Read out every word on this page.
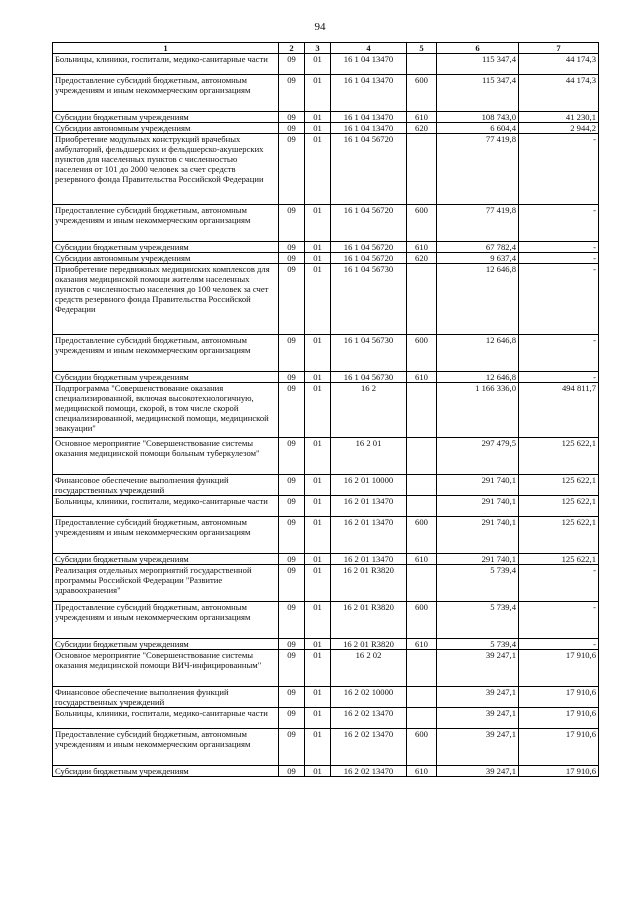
94
1	2	3	4	5	6	7
Больницы, клиники, госпитали, медико-санитарные части	09	01	16 1 04 13470		115 347,4	44 174,3
Предоставление субсидий бюджетным, автономным учреждениям и иным некоммерческим организациям	09	01	16 1 04 13470	600	115 347,4	44 174,3
Субсидии бюджетным учреждениям	09	01	16 1 04 13470	610	108 743,0	41 230,1
Субсидии автономным учреждениям	09	01	16 1 04 13470	620	6 604,4	2 944,2
Приобретение модульных конструкций врачебных амбулаторий, фельдшерских и фельдшерско-акушерских пунктов для населенных пунктов с численностью населения от 101 до 2000 человек за счет средств резервного фонда Правительства Российской Федерации	09	01	16 1 04 56720		77 419,8	-
Предоставление субсидий бюджетным, автономным учреждениям и иным некоммерческим организациям	09	01	16 1 04 56720	600	77 419,8	-
Субсидии бюджетным учреждениям	09	01	16 1 04 56720	610	67 782,4	-
Субсидии автономным учреждениям	09	01	16 1 04 56720	620	9 637,4	-
Приобретение передвижных медицинских комплексов для оказания медицинской помощи жителям населенных пунктов с численностью населения до 100 человек за счет средств резервного фонда Правительства Российской Федерации	09	01	16 1 04 56730		12 646,8	-
Предоставление субсидий бюджетным, автономным учреждениям и иным некоммерческим организациям	09	01	16 1 04 56730	600	12 646,8	-
Субсидии бюджетным учреждениям	09	01	16 1 04 56730	610	12 646,8	-
Подпрограмма "Совершенствование оказания специализированной, включая высокотехнологичную, медицинской помощи, скорой, в том числе скорой специализированной, медицинской помощи, медицинской эвакуации"	09	01	16 2		1 166 336,0	494 811,7
Основное мероприятие "Совершенствование системы оказания медицинской помощи больным туберкулезом"	09	01	16 2 01		297 479,5	125 622,1
Финансовое обеспечение выполнения функций государственных учреждений	09	01	16 2 01 10000		291 740,1	125 622,1
Больницы, клиники, госпитали, медико-санитарные части	09	01	16 2 01 13470		291 740,1	125 622,1
Предоставление субсидий бюджетным, автономным учреждениям и иным некоммерческим организациям	09	01	16 2 01 13470	600	291 740,1	125 622,1
Субсидии бюджетным учреждениям	09	01	16 2 01 13470	610	291 740,1	125 622,1
Реализация отдельных мероприятий государственной программы Российской Федерации "Развитие здравоохранения"	09	01	16 2 01 R3820		5 739,4	-
Предоставление субсидий бюджетным, автономным учреждениям и иным некоммерческим организациям	09	01	16 2 01 R3820	600	5 739,4	-
Субсидии бюджетным учреждениям	09	01	16 2 01 R3820	610	5 739,4	-
Основное мероприятие "Совершенствование системы оказания медицинской помощи ВИЧ-инфицированным"	09	01	16 2 02		39 247,1	17 910,6
Финансовое обеспечение выполнения функций государственных учреждений	09	01	16 2 02 10000		39 247,1	17 910,6
Больницы, клиники, госпитали, медико-санитарные части	09	01	16 2 02 13470		39 247,1	17 910,6
Предоставление субсидий бюджетным, автономным учреждениям и иным некоммерческим организациям	09	01	16 2 02 13470	600	39 247,1	17 910,6
Субсидии бюджетным учреждениям	09	01	16 2 02 13470	610	39 247,1	17 910,6
